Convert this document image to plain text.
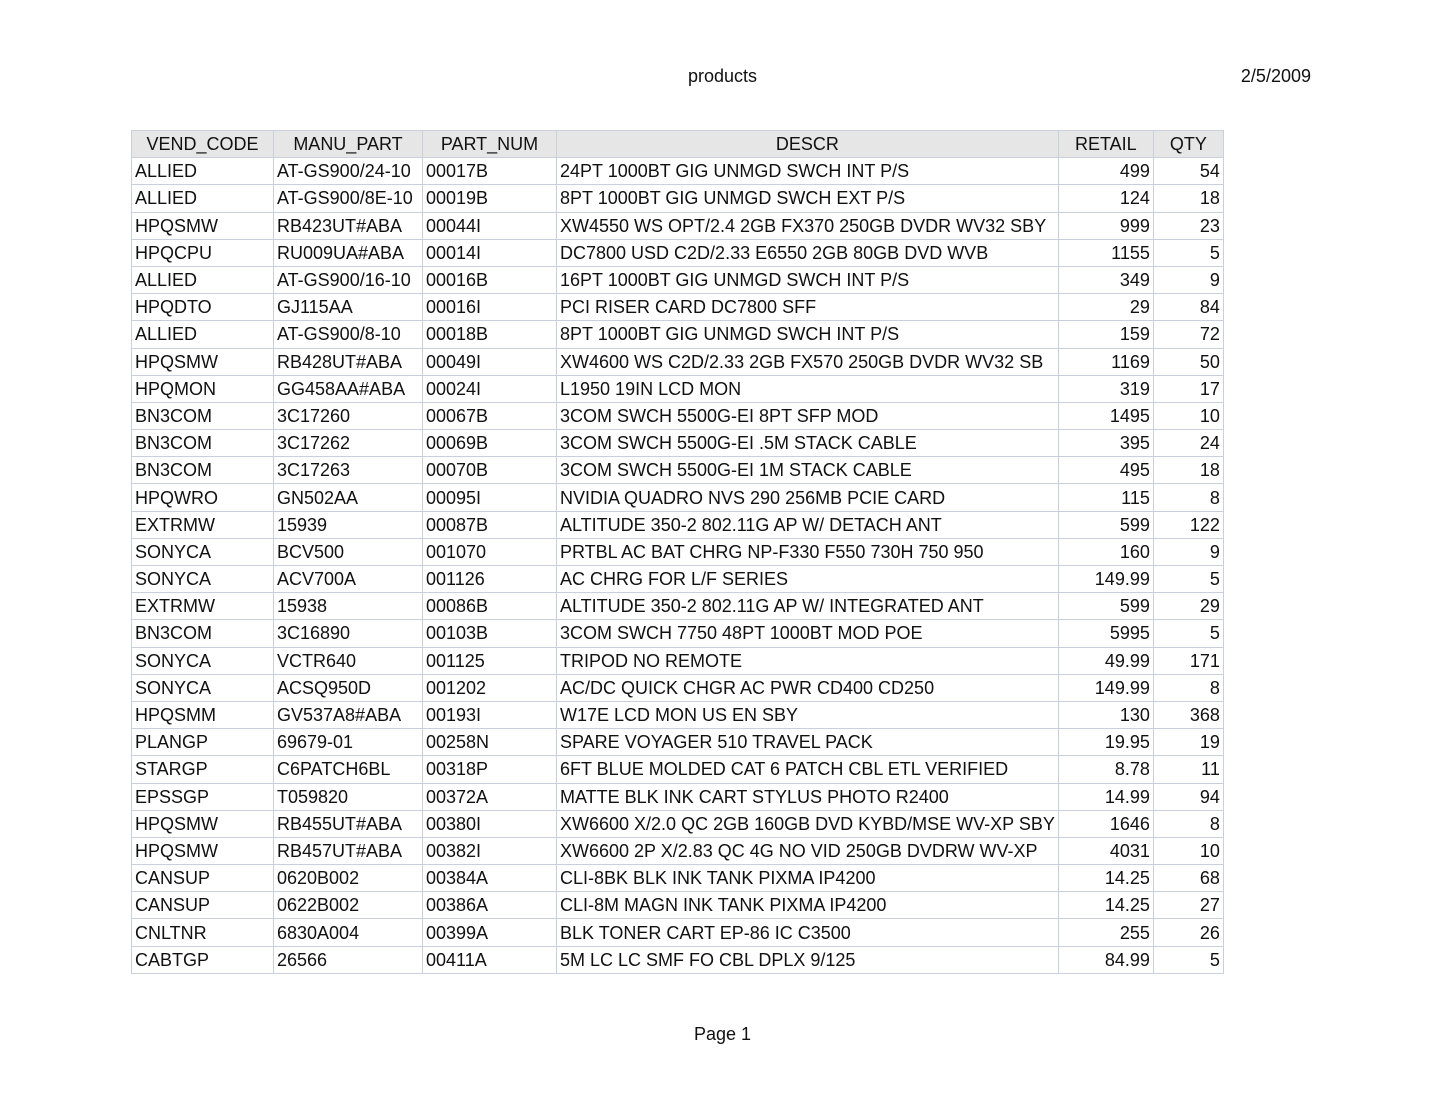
products	2/5/2009
VEND_CODE	MANU_PART	PART_NUM	DESCR	RETAIL	QTY
ALLIED	AT-GS900/24-10	00017B	24PT 1000BT GIG UNMGD SWCH INT P/S	499	54
ALLIED	AT-GS900/8E-10	00019B	8PT 1000BT GIG UNMGD SWCH EXT P/S	124	18
HPQSMW	RB423UT#ABA	00044I	XW4550 WS OPT/2.4 2GB FX370 250GB DVDR WV32 SBY	999	23
HPQCPU	RU009UA#ABA	00014I	DC7800 USD C2D/2.33 E6550 2GB 80GB DVD WVB	1155	5
ALLIED	AT-GS900/16-10	00016B	16PT 1000BT GIG UNMGD SWCH INT P/S	349	9
HPQDTO	GJ115AA	00016I	PCI RISER CARD DC7800 SFF	29	84
ALLIED	AT-GS900/8-10	00018B	8PT 1000BT GIG UNMGD SWCH INT P/S	159	72
HPQSMW	RB428UT#ABA	00049I	XW4600 WS C2D/2.33 2GB FX570 250GB DVDR WV32 SB	1169	50
HPQMON	GG458AA#ABA	00024I	L1950 19IN LCD MON	319	17
BN3COM	3C17260	00067B	3COM SWCH 5500G-EI 8PT SFP MOD	1495	10
BN3COM	3C17262	00069B	3COM SWCH 5500G-EI .5M STACK CABLE	395	24
BN3COM	3C17263	00070B	3COM SWCH 5500G-EI 1M STACK CABLE	495	18
HPQWRO	GN502AA	00095I	NVIDIA QUADRO NVS 290 256MB PCIE CARD	115	8
EXTRMW	15939	00087B	ALTITUDE 350-2 802.11G AP W/ DETACH ANT	599	122
SONYCA	BCV500	001070	PRTBL AC BAT CHRG NP-F330 F550 730H 750 950	160	9
SONYCA	ACV700A	001126	AC CHRG FOR L/F SERIES	149.99	5
EXTRMW	15938	00086B	ALTITUDE 350-2 802.11G AP W/ INTEGRATED ANT	599	29
BN3COM	3C16890	00103B	3COM SWCH 7750 48PT 1000BT MOD POE	5995	5
SONYCA	VCTR640	001125	TRIPOD NO REMOTE	49.99	171
SONYCA	ACSQ950D	001202	AC/DC QUICK CHGR AC PWR CD400 CD250	149.99	8
HPQSMM	GV537A8#ABA	00193I	W17E LCD MON US EN SBY	130	368
PLANGP	69679-01	00258N	SPARE VOYAGER 510 TRAVEL PACK	19.95	19
STARGP	C6PATCH6BL	00318P	6FT BLUE MOLDED CAT 6 PATCH CBL ETL VERIFIED	8.78	11
EPSSGP	T059820	00372A	MATTE BLK INK CART STYLUS PHOTO R2400	14.99	94
HPQSMW	RB455UT#ABA	00380I	XW6600 X/2.0 QC 2GB 160GB DVD KYBD/MSE WV-XP SBY	1646	8
HPQSMW	RB457UT#ABA	00382I	XW6600 2P X/2.83 QC 4G NO VID 250GB DVDRW WV-XP	4031	10
CANSUP	0620B002	00384A	CLI-8BK BLK INK TANK PIXMA IP4200	14.25	68
CANSUP	0622B002	00386A	CLI-8M MAGN INK TANK PIXMA IP4200	14.25	27
CNLTNR	6830A004	00399A	BLK TONER CART EP-86 IC C3500	255	26
CABTGP	26566	00411A	5M LC LC SMF FO CBL DPLX 9/125	84.99	5
Page 1
